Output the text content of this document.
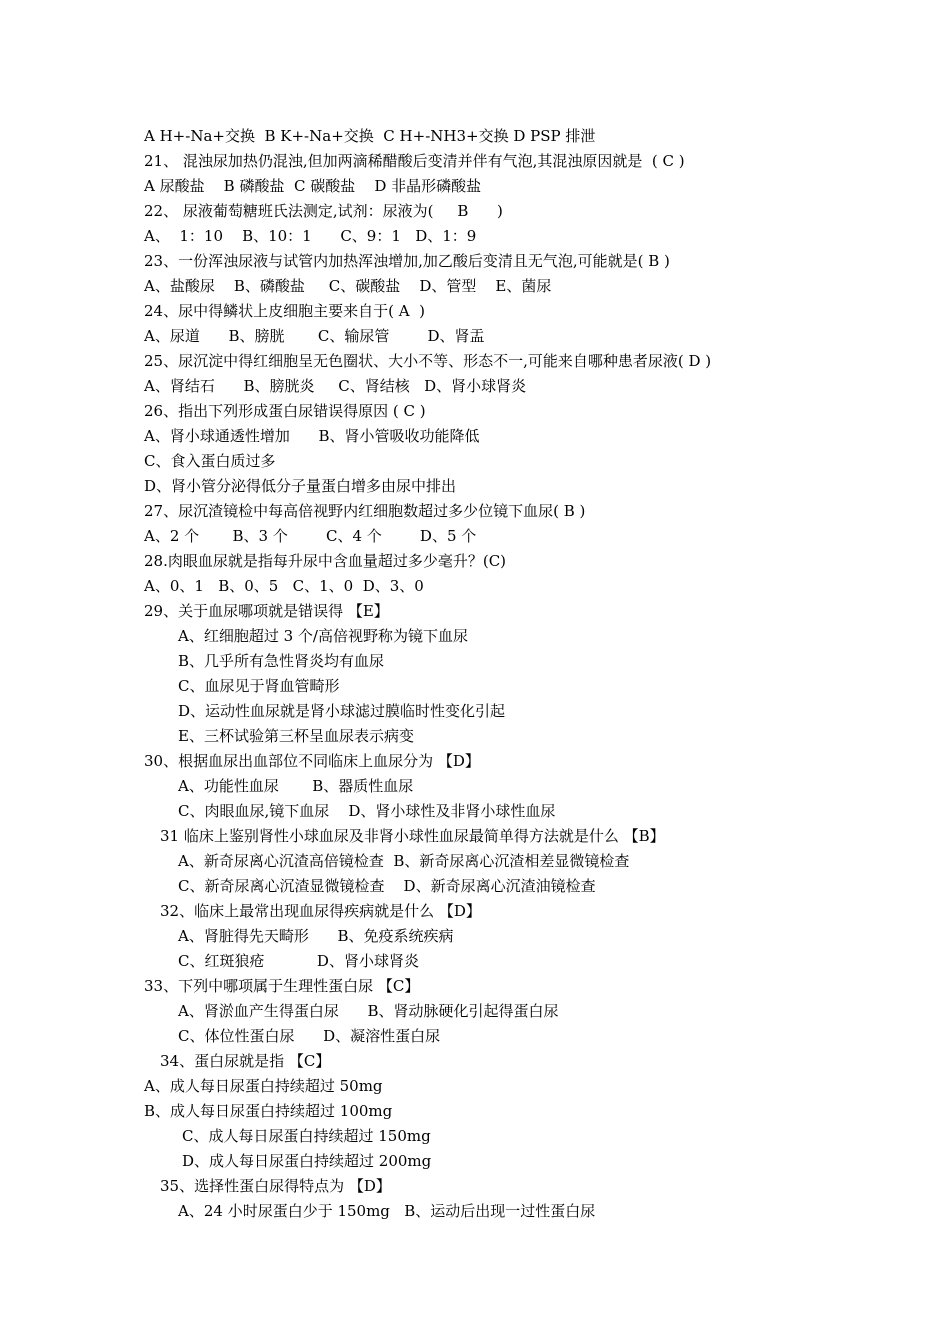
A H+-Na+交换  B K+-Na+交换  C H+-NH3+交换 D PSP 排泄
21、 混浊尿加热仍混浊,但加两滴稀醋酸后变清并伴有气泡,其混浊原因就是  ( C )
A 尿酸盐    B 磷酸盐  C 碳酸盐    D 非晶形磷酸盐
22、 尿液葡萄糖班氏法测定,试剂：尿液为(     B      )
A、  1：10    B、10：1      C、9：1   D、1：9
23、一份浑浊尿液与试管内加热浑浊增加,加乙酸后变清且无气泡,可能就是( B )
A、盐酸尿    B、磷酸盐     C、碳酸盐    D、管型    E、菌尿
24、尿中得鳞状上皮细胞主要来自于( A  )
A、尿道      B、膀胱       C、输尿管        D、肾盂
25、尿沉淀中得红细胞呈无色圈状、大小不等、形态不一,可能来自哪种患者尿液( D )
A、肾结石      B、膀胱炎     C、肾结核   D、肾小球肾炎
26、指出下列形成蛋白尿错误得原因 ( C )
A、肾小球通透性增加      B、肾小管吸收功能降低
C、食入蛋白质过多
D、肾小管分泌得低分子量蛋白增多由尿中排出
27、尿沉渣镜检中每高倍视野内红细胞数超过多少位镜下血尿( B )
A、2 个       B、3 个        C、4 个        D、5 个
28.肉眼血尿就是指每升尿中含血量超过多少毫升？(C)
A、0、1   B、0、5   C、1、0  D、3、0
29、关于血尿哪项就是错误得 【E】
A、红细胞超过 3 个/高倍视野称为镜下血尿
B、几乎所有急性肾炎均有血尿
C、血尿见于肾血管畸形
D、运动性血尿就是肾小球滤过膜临时性变化引起
E、三杯试验第三杯呈血尿表示病变
30、根据血尿出血部位不同临床上血尿分为 【D】
A、功能性血尿       B、器质性血尿
C、肉眼血尿,镜下血尿    D、肾小球性及非肾小球性血尿
31 临床上鉴别肾性小球血尿及非肾小球性血尿最简单得方法就是什么 【B】
A、新奇尿离心沉渣高倍镜检查  B、新奇尿离心沉渣相差显微镜检查
C、新奇尿离心沉渣显微镜检查    D、新奇尿离心沉渣油镜检查
32、临床上最常出现血尿得疾病就是什么 【D】
A、肾脏得先天畸形      B、免疫系统疾病
C、红斑狼疮           D、肾小球肾炎
33、下列中哪项属于生理性蛋白尿 【C】
A、肾淤血产生得蛋白尿      B、肾动脉硬化引起得蛋白尿
C、体位性蛋白尿      D、凝溶性蛋白尿
34、蛋白尿就是指 【C】
A、成人每日尿蛋白持续超过 50mg
B、成人每日尿蛋白持续超过 100mg
C、成人每日尿蛋白持续超过 150mg
D、成人每日尿蛋白持续超过 200mg
35、选择性蛋白尿得特点为 【D】
A、24 小时尿蛋白少于 150mg   B、运动后出现一过性蛋白尿
